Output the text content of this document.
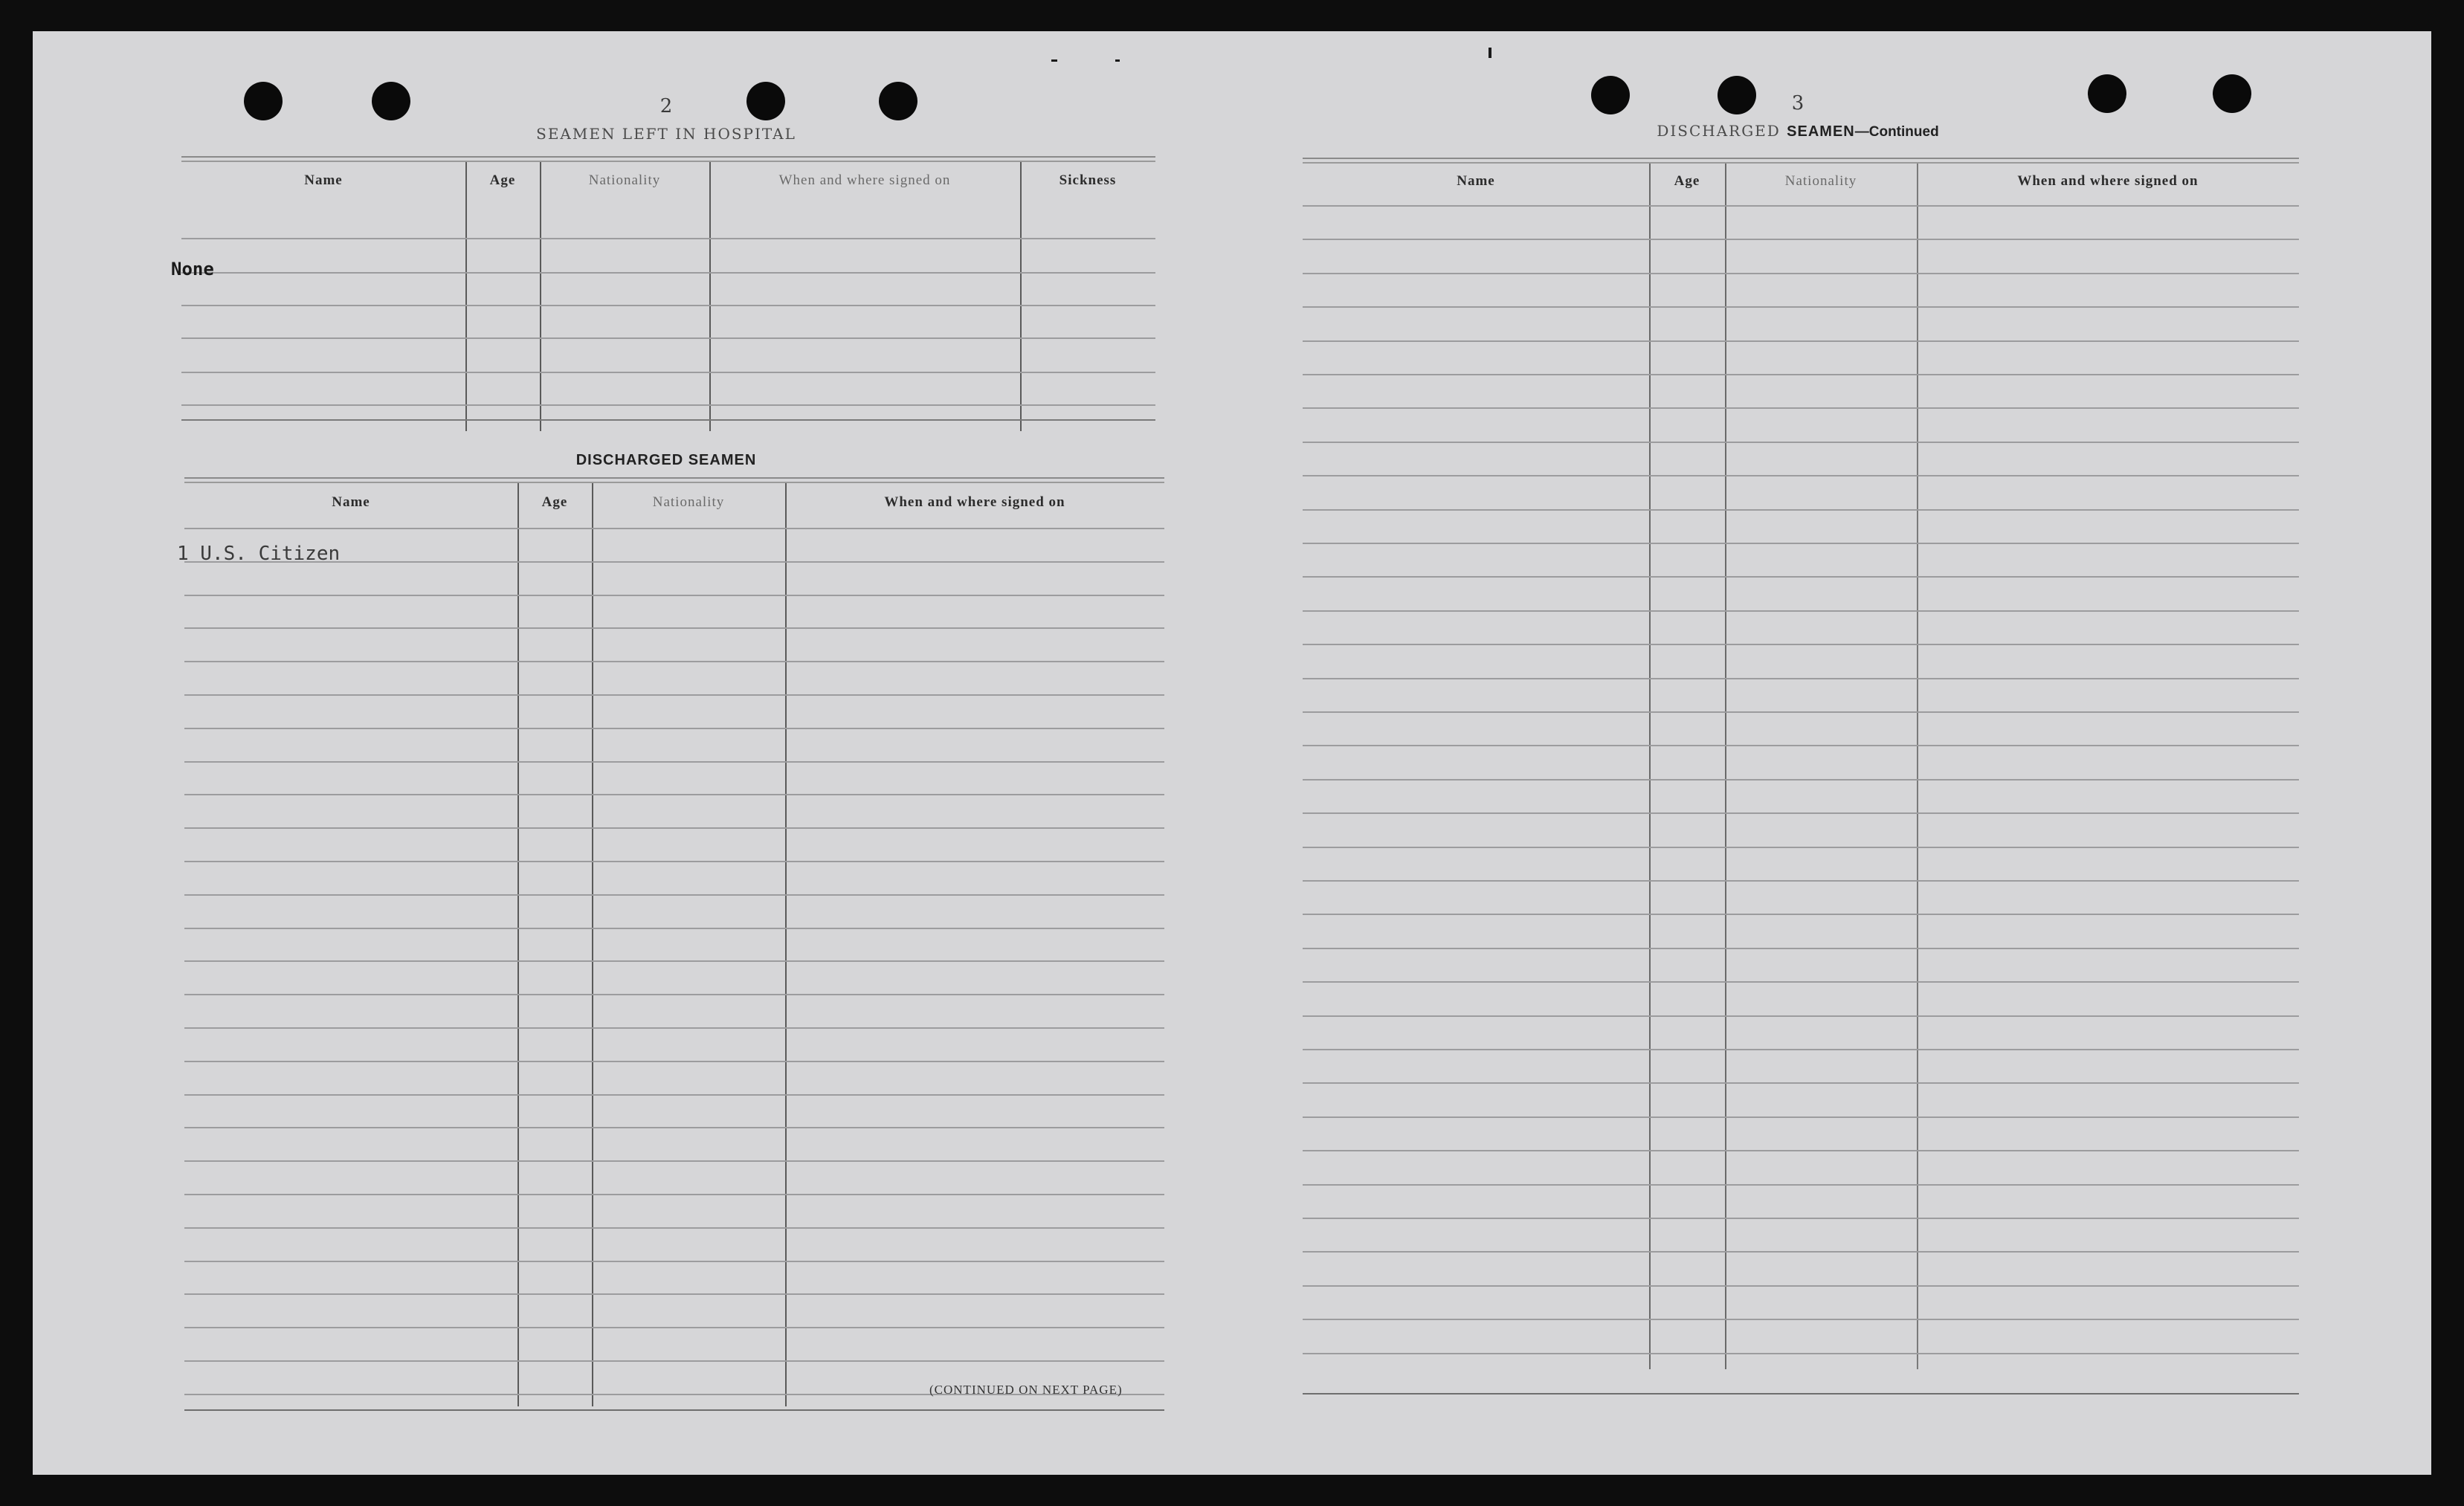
2
SEAMEN LEFT IN HOSPITAL
Name	Age	Nationality	When and where signed on	Sickness
None
DISCHARGED SEAMEN
Name	Age	Nationality	When and where signed on
1 U.S. Citizen
(CONTINUED ON NEXT PAGE)
3
DISCHARGED SEAMEN—Continued
Name	Age	Nationality	When and where signed on
